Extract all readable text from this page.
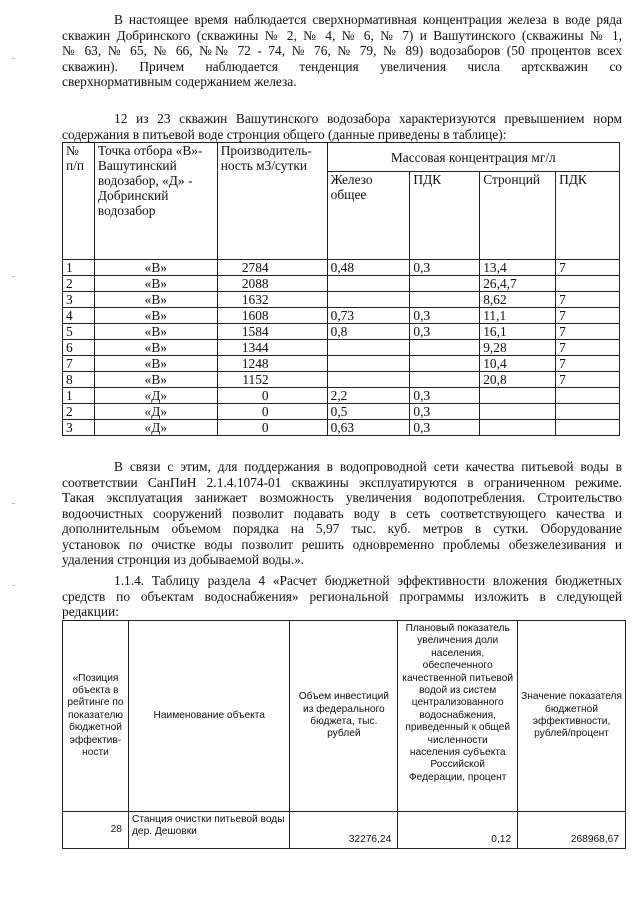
В настоящее время наблюдается сверхнормативная концентрация железа в воде ряда
скважин Добринского (скважины № 2, № 4, № 6, № 7) и Вашутинского (скважины № 1,
№ 63, № 65, № 66, №№ 72 - 74, № 76, № 79, № 89) водозаборов (50 процентов всех
скважин). Причем наблюдается тенденция увеличения числа артскважин со
сверхнормативным содержанием железа.
12 из 23 скважин Вашутинского водозабора характеризуются превышением норм
содержания в питьевой воде стронция общего (данные приведены в таблице):
№ п/п	Точка отбора «В»- Вашутинский водозабор, «Д» - Добринский водозабор	Производитель-ность м3/сутки	Массовая концентрация мг/л			
			Железо общее	ПДК	Стронций	ПДК
1	«В»	2784	0,48	0,3	13,4	7
2	«В»	2088			26,4,7	
3	«В»	1632			8,62	7
4	«В»	1608	0,73	0,3	11,1	7
5	«В»	1584	0,8	0,3	16,1	7
6	«В»	1344			9,28	7
7	«В»	1248			10,4	7
8	«В»	1152			20,8	7
1	«Д»	0	2,2	0,3		
2	«Д»	0	0,5	0,3		
3	«Д»	0	0,63	0,3		
В связи с этим, для поддержания в водопроводной сети качества питьевой воды в
соответствии СанПиН 2.1.4.1074-01 скважины эксплуатируются в ограниченном режиме.
Такая эксплуатация занижает возможность увеличения водопотребления. Строительство
водоочистных сооружений позволит подавать воду в сеть соответствующего качества и
дополнительным объемом порядка на 5,97 тыс. куб. метров в сутки. Оборудование
установок по очистке воды позволит решить одновременно проблемы обезжелезивания и
удаления стронция из добываемой воды.».
1.1.4. Таблицу раздела 4 «Расчет бюджетной эффективности вложения бюджетных
средств по объектам водоснабжения» региональной программы изложить в следующей
редакции:
«Позиция объекта в рейтинге по показателю бюджетной эффектив-ности	Наименование объекта	Объем инвестиций из федерального бюджета, тыс. рублей	Плановый показатель увеличения доли населения, обеспеченного качественной питьевой водой из систем централизованного водоснабжения, приведенный к общей численности населения субъекта Российской Федерации, процент	Значение показателя бюджетной эффективности, рублей/процент
28	Станция очистки питьевой воды дер. Дешовки	32276,24	0,12	268968,67
